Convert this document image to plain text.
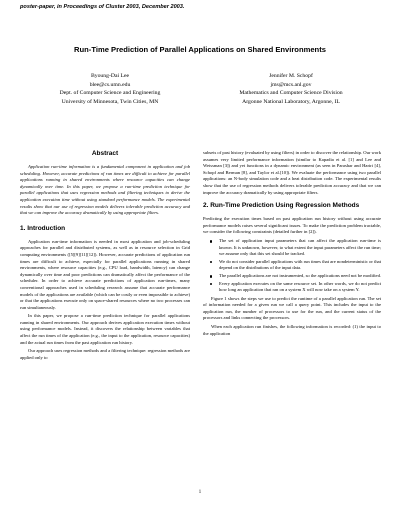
poster-paper, in Proceedings of Cluster 2003, December 2003.
Run-Time Prediction of Parallel Applications on Shared Environments
Byoung-Dai Lee
blee@cs.umn.edu
Dept. of Computer Science and Engineering
University of Minnesota, Twin Cities, MN
Jennifer M. Schopf
jms@mcs.anl.gov
Mathematics and Computer Science Division
Argonne National Laboratory, Argonne, IL
Abstract

Application run-time information is a fundamental component in application and job scheduling. However, accurate predictions of run times are difficult to achieve for parallel applications running in shared environments where resource capacities can change dynamically over time. In this paper, we propose a run-time prediction technique for parallel applications that uses regression methods and filtering techniques to derive the application execution time without using standard performance models. The experimental results show that our use of regression models delivers tolerable prediction accuracy and that we can improve the accuracy dramatically by using appropriate filters.

1. Introduction

Application run-time information is needed in most application and job-scheduling approaches for parallel and distributed systems, as well as in resource selection in Grid computing environments ([5][9][11][12]). However, accurate predictions of application run times are difficult to achieve, especially for parallel applications running in shared environments, where resource capacities (e.g., CPU load, bandwidth, latency) can change dynamically over time and poor predictions can dramatically affect the performance of the scheduler. In order to achieve accurate predictions of application run-times, many conventional approaches used in scheduling research assume that accurate performance models of the applications are available (which can be costly or even impossible to achieve) or that the applications execute only on space-shared resources where no two processes can run simultaneously.

In this paper, we propose a run-time prediction technique for parallel applications running in shared environments. Our approach derives application execution times without using performance models. Instead, it discovers the relationship between variables that affect the run times of the application (e.g., the input to the application, resource capacities) and the actual run times from the past application run history.

Our approach uses regression methods and a filtering technique: regression methods are applied only to

subsets of past history (evaluated by using filters) in order to discover the relationship. Our work assumes very limited performance information (similar to Kapadia et al. [1] and Lee and Weissman [3]) and yet functions in a dynamic environment (as seen in Parashar and Hariri [4], Schopf and Berman [8], and Taylor et al.[10]). We evaluate the performance using two parallel applications: an N-body simulation code and a heat distribution code. The experimental results show that the use of regression methods delivers tolerable prediction accuracy and that we can improve the accuracy dramatically by using appropriate filters.

2. Run-Time Prediction Using Regression Methods

Predicting the execution times based on past application run history without using accurate performance models raises several significant issues. To make the prediction problem tractable, we consider the following constraints (detailed further in [2]).

The set of application input parameters that can affect the application run-time is known. It is unknown, however, to what extent the input parameters affect the run time; we assume only that this set should be tracked.
We do not consider parallel applications with run times that are nondeterministic or that depend on the distributions of the input data.
The parallel applications are not instrumented, so the applications need not be modified.
Every application executes on the same resource set. In other words, we do not predict how long an application that ran on a system X will now take on a system Y.

Figure 1 shows the steps we use to predict the runtime of a parallel application run. The set of information needed for a given run we call a query point. This includes the input to the application run, the number of processors to use for the run, and the current status of the processors and links connecting the processors.

When each application run finishes, the following information is recorded: (1) the input to the application

1
